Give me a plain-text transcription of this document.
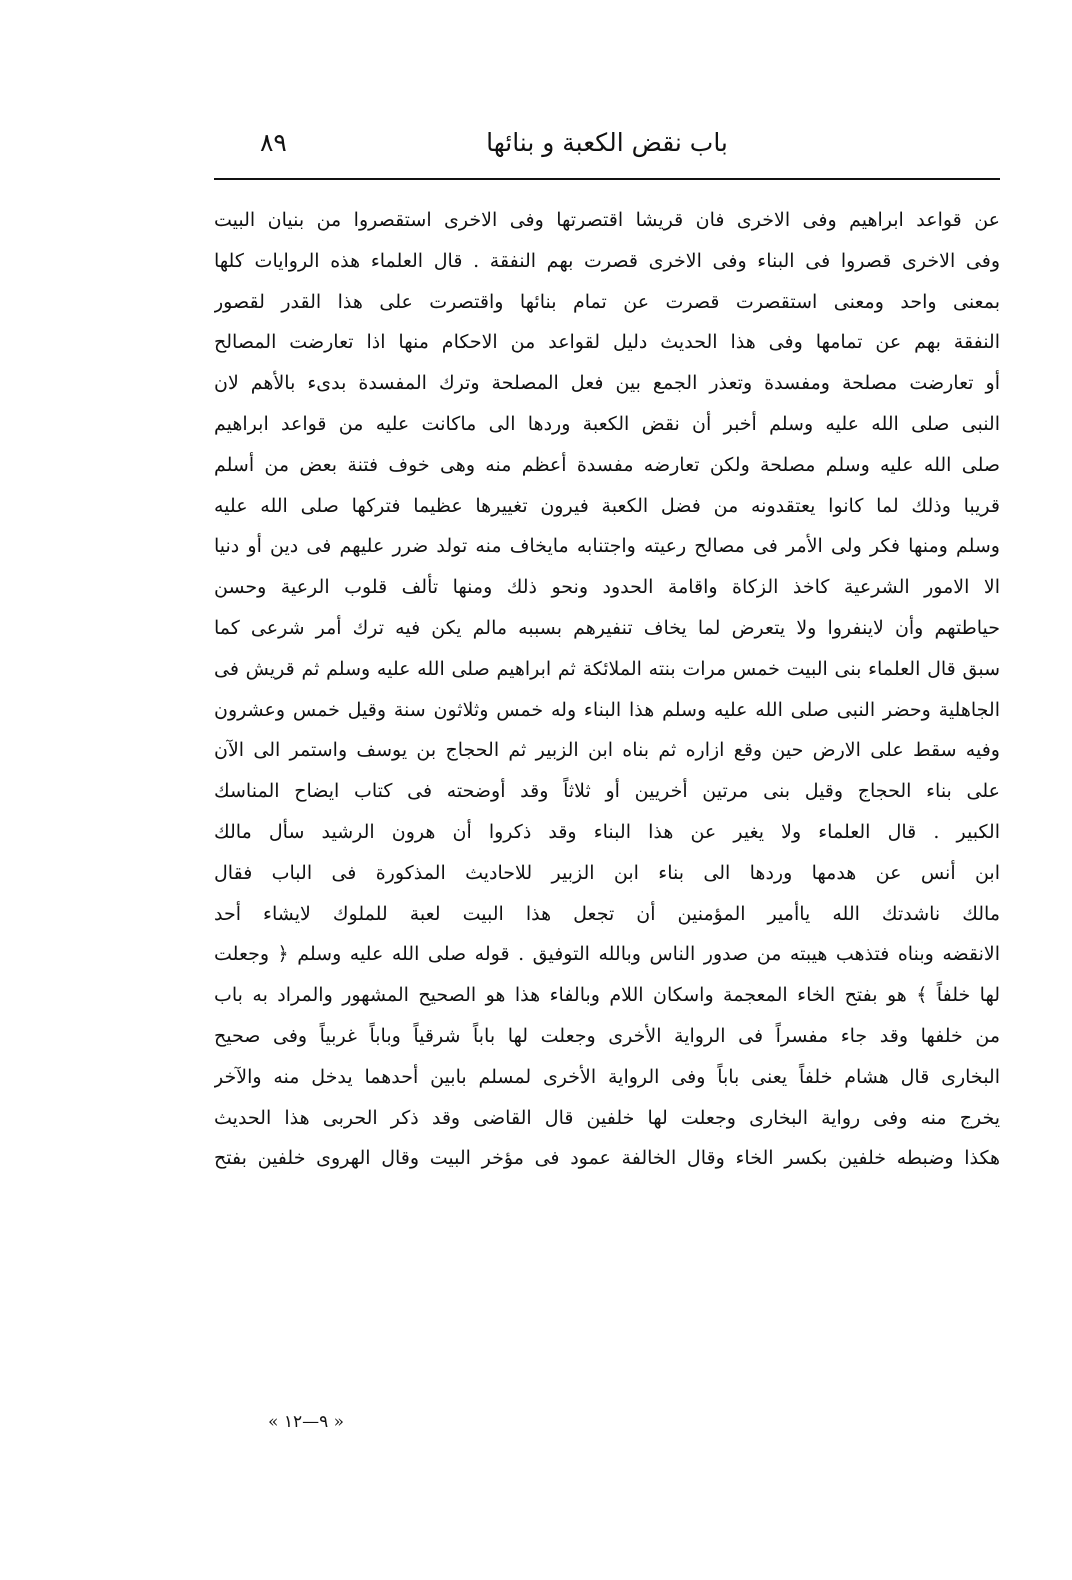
باب نقض الكعبة و بنائها
٨٩
عن قواعد ابراهيم وفى الاخرى فان قريشا اقتصرتها وفى الاخرى استقصروا من بنيان البيت
وفى الاخرى قصروا فى البناء وفى الاخرى قصرت بهم النفقة . قال العلماء هذه الروايات كلها
بمعنى واحد ومعنى استقصرت قصرت عن تمام بنائها واقتصرت على هذا القدر لقصور
النفقة بهم عن تمامها وفى هذا الحديث دليل لقواعد من الاحكام منها اذا تعارضت المصالح
أو تعارضت مصلحة ومفسدة وتعذر الجمع بين فعل المصلحة وترك المفسدة بدىء بالأهم لان
النبى صلى الله عليه وسلم أخبر أن نقض الكعبة وردها الى ماكانت عليه من قواعد ابراهيم
صلى الله عليه وسلم مصلحة ولكن تعارضه مفسدة أعظم منه وهى خوف فتنة بعض من أسلم
قريبا وذلك لما كانوا يعتقدونه من فضل الكعبة فيرون تغييرها عظيما فتركها صلى الله عليه
وسلم ومنها فكر ولى الأمر فى مصالح رعيته واجتنابه مايخاف منه تولد ضرر عليهم فى دين أو دنيا
الا الامور الشرعية كاخذ الزكاة واقامة الحدود ونحو ذلك ومنها تألف قلوب الرعية وحسن
حياطتهم وأن لاينفروا ولا يتعرض لما يخاف تنفيرهم بسببه مالم يكن فيه ترك أمر شرعى كما
سبق قال العلماء بنى البيت خمس مرات بنته الملائكة ثم ابراهيم صلى الله عليه وسلم ثم قريش فى
الجاهلية وحضر النبى صلى الله عليه وسلم هذا البناء وله خمس وثلاثون سنة وقيل خمس وعشرون
وفيه سقط على الارض حين وقع ازاره ثم بناه ابن الزبير ثم الحجاج بن يوسف واستمر الى الآن
على بناء الحجاج وقيل بنى مرتين أخريين أو ثلاثاً وقد أوضحته فى كتاب ايضاح المناسك
الكبير . قال العلماء ولا يغير عن هذا البناء وقد ذكروا أن هرون الرشيد سأل مالك
ابن أنس عن هدمها وردها الى بناء ابن الزبير للاحاديث المذكورة فى الباب فقال
مالك ناشدتك الله ياأمير المؤمنين أن تجعل هذا البيت لعبة للملوك لايشاء أحد
الانقضه وبناه فتذهب هيبته من صدور الناس وبالله التوفيق . قوله صلى الله عليه وسلم ﴿ وجعلت
لها خلفاً ﴾ هو بفتح الخاء المعجمة واسكان اللام وبالفاء هذا هو الصحيح المشهور والمراد به باب
من خلفها وقد جاء مفسراً فى الرواية الأخرى وجعلت لها باباً شرقياً وباباً غربياً وفى صحيح
البخارى قال هشام خلفاً يعنى باباً وفى الرواية الأخرى لمسلم بابين أحدهما يدخل منه والآخر
يخرج منه وفى رواية البخارى وجعلت لها خلفين قال القاضى وقد ذكر الحربى هذا الحديث
هكذا وضبطه خلفين بكسر الخاء وقال الخالفة عمود فى مؤخر البيت وقال الهروى خلفين بفتح
« ٩—١٢ »
